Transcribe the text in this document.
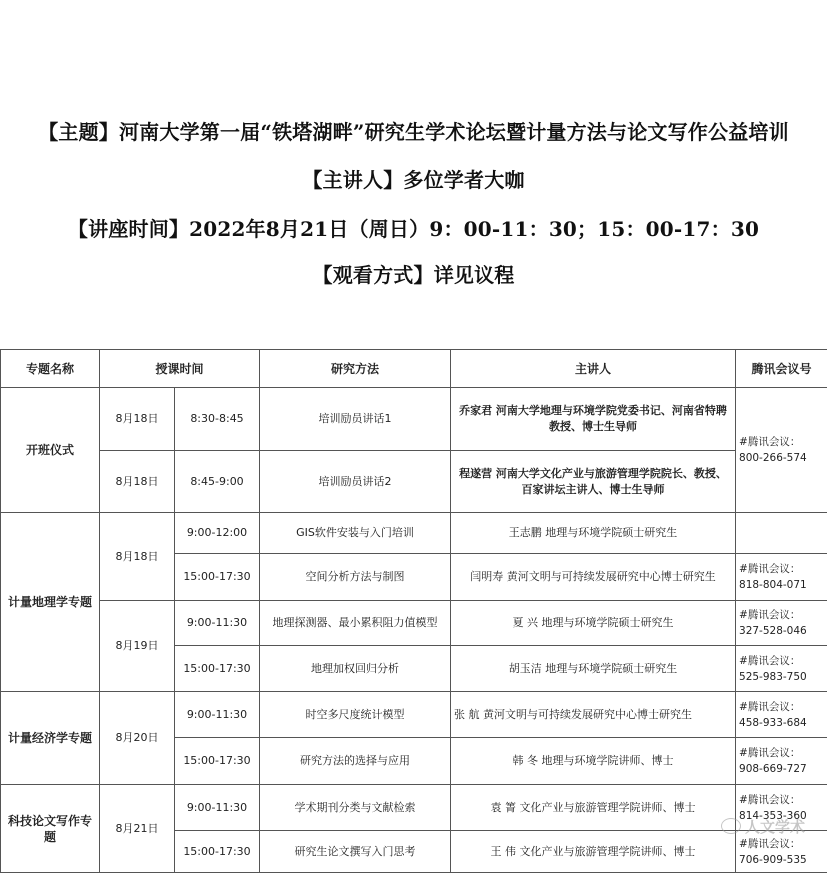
【主题】河南大学第一届“铁塔湖畔”研究生学术论坛暨计量方法与论文写作公益培训
【主讲人】多位学者大咖
【讲座时间】2022年8月21日（周日）9：00-11：30；15：00-17：30
【观看方式】详见议程
专题名称	授课时间		研究方法	主讲人	腾讯会议号
开班仪式	8月18日	8:30-8:45	培训励员讲话1	乔家君 河南大学地理与环境学院党委书记、河南省特聘教授、博士生导师	#腾讯会议：800-266-574
	8月18日	8:45-9:00	培训励员讲话2	程遂营 河南大学文化产业与旅游管理学院院长、教授、百家讲坛主讲人、博士生导师	
计量地理学专题	8月18日	9:00-12:00	GIS软件安装与入门培训	王志鹏 地理与环境学院硕士研究生	
		15:00-17:30	空间分析方法与制图	闫明寿 黄河文明与可持续发展研究中心博士研究生	#腾讯会议：818-804-071
	8月19日	9:00-11:30	地理探测器、最小累积阻力值模型	夏 兴 地理与环境学院硕士研究生	#腾讯会议：327-528-046
		15:00-17:30	地理加权回归分析	胡玉洁 地理与环境学院硕士研究生	#腾讯会议：525-983-750
计量经济学专题	8月20日	9:00-11:30	时空多尺度统计模型	张 航 黄河文明与可持续发展研究中心博士研究生	#腾讯会议：458-933-684
		15:00-17:30	研究方法的选择与应用	韩 冬 地理与环境学院讲师、博士	#腾讯会议：908-669-727
科技论文写作专题	8月21日	9:00-11:30	学术期刊分类与文献检索	袁 箐 文化产业与旅游管理学院讲师、博士	#腾讯会议：814-353-360
		15:00-17:30	研究生论文撰写入门思考	王 伟 文化产业与旅游管理学院讲师、博士	#腾讯会议：706-909-535
人文学术
